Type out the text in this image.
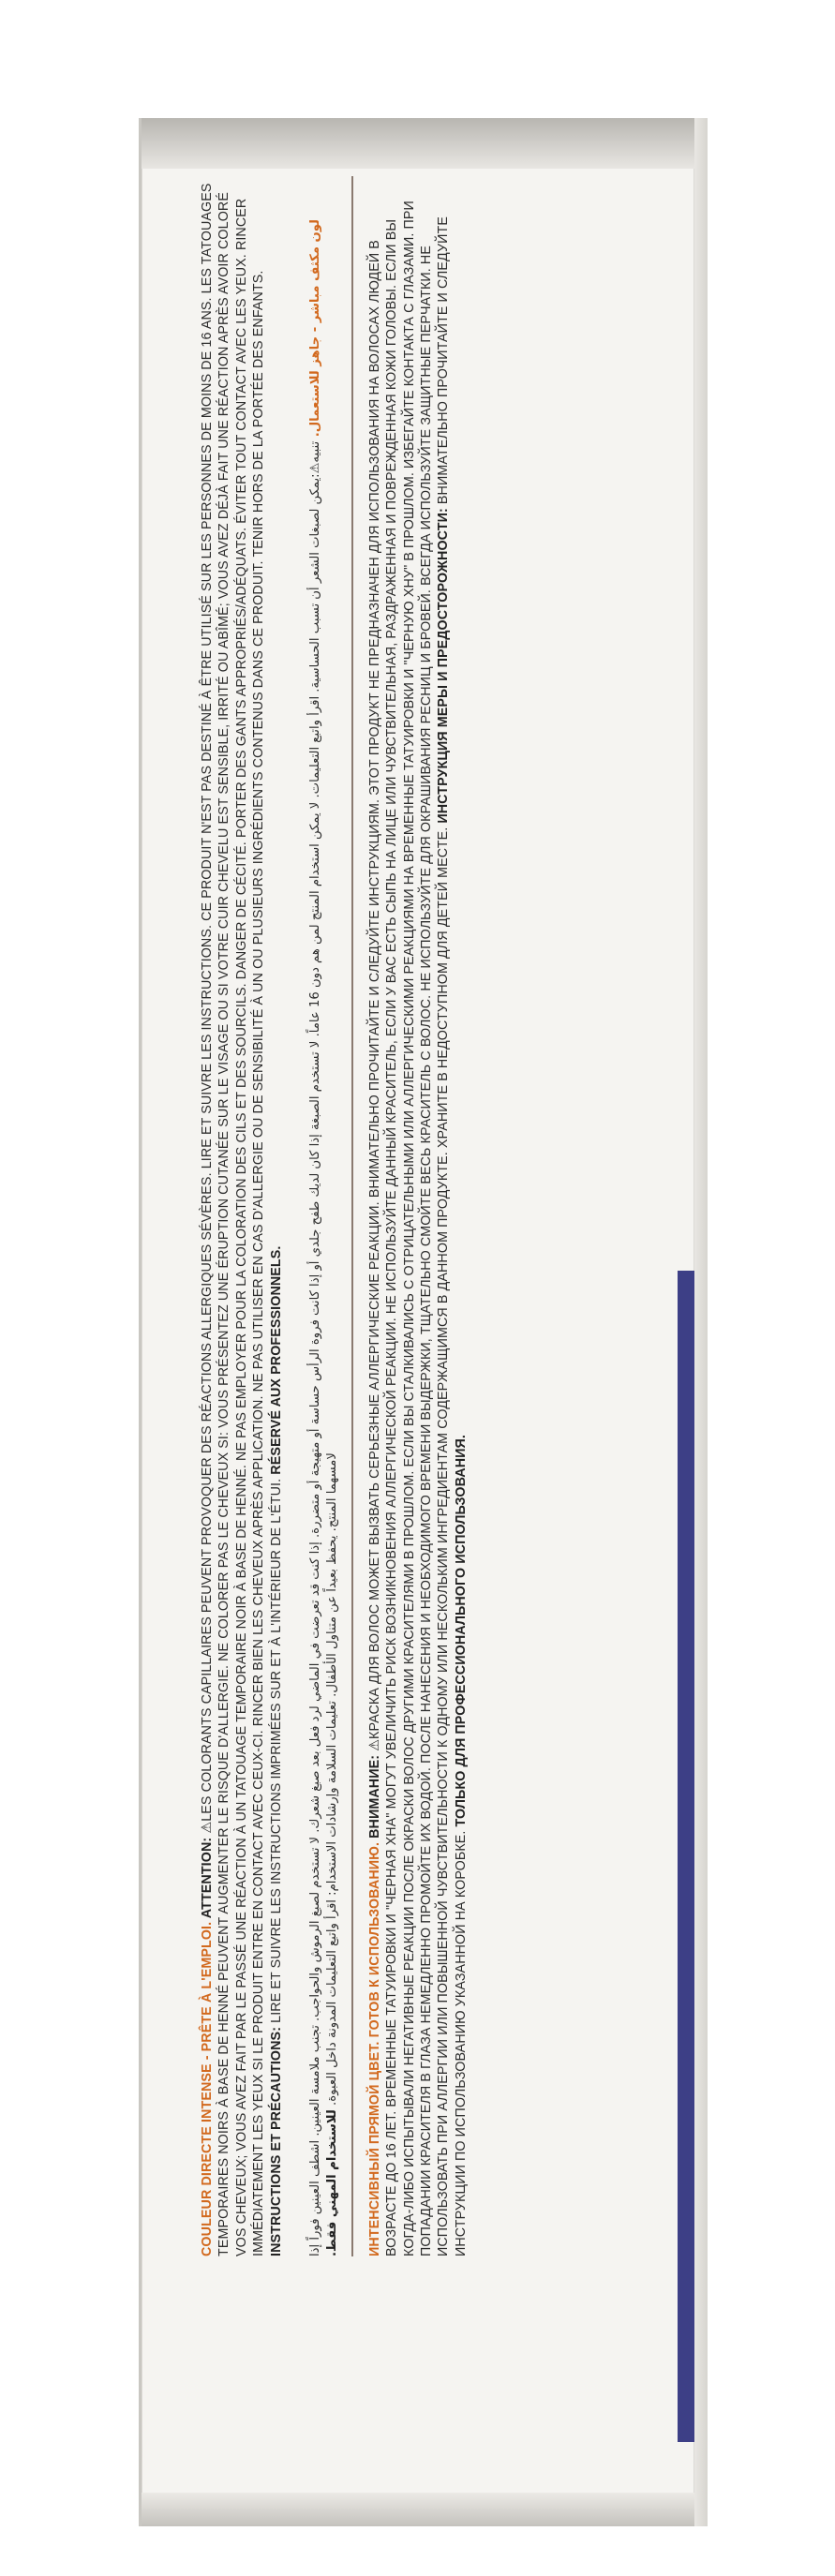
COULEUR DIRECTE INTENSE - PRÊTE À L'EMPLOI. ATTENTION: ⚠LES COLORANTS CAPILLAIRES PEUVENT PROVOQUER DES RÉACTIONS ALLERGIQUES SÉVÈRES. LIRE ET SUIVRE LES INSTRUCTIONS. CE PRODUIT N'EST PAS DESTINÉ À ÊTRE UTILISÉ SUR LES PERSONNES DE MOINS DE 16 ANS. LES TATOUAGES TEMPORAIRES NOIRS À BASE DE HENNÉ PEUVENT AUGMENTER LE RISQUE D'ALLERGIE. NE COLORER PAS LE CHEVEUX SI: VOUS PRÉSENTEZ UNE ÉRUPTION CUTANÉE SUR LE VISAGE OU SI VOTRE CUIR CHEVELU EST SENSIBLE, IRRITÉ OU ABÎMÉ; VOUS AVEZ DÉJÀ FAIT UNE RÉACTION APRÈS AVOIR COLORÉ VOS CHEVEUX; VOUS AVEZ FAIT PAR LE PASSÉ UNE RÉACTION À UN TATOUAGE TEMPORAIRE NOIR À BASE DE HENNÉ. NE PAS EMPLOYER POUR LA COLORATION DES CILS ET DES SOURCILS. DANGER DE CÉCITÉ. PORTER DES GANTS APPROPRIÉS/ADÉQUATS. ÉVITER TOUT CONTACT AVEC LES YEUX. RINCER IMMÉDIATEMENT LES YEUX SI LE PRODUIT ENTRE EN CONTACT AVEC CEUX-CI. RINCER BIEN LES CHEVEUX APRÈS APPLICATION. NE PAS UTILISER EN CAS D'ALLERGIE OU DE SENSIBILITÉ À UN OU PLUSIEURS INGRÉDIENTS CONTENUS DANS CE PRODUIT. TENIR HORS DE LA PORTÉE DES ENFANTS. INSTRUCTIONS ET PRÉCAUTIONS: LIRE ET SUIVRE LES INSTRUCTIONS IMPRIMÉES SUR ET À L'INTÉRIEUR DE L'ÉTUI. RÉSERVÉ AUX PROFESSIONNELS.
لون مكثف مباشر - جاهز للاستعمال. تنبيه⚠:يمكن لصبغات الشعر أن تسبب الحساسية. اقرأ واتبع التعليمات. لا يمكن استخدام المنتج لمن هم دون 16 عاماً. لا تستخدم الصبغة إذا كان لديك طفح جلدي أو إذا كانت فروة الرأس حساسة أو متهيجة أو متضررة. إذا كنت قد تعرضت في الماضي لرد فعل بعد صبغ شعرك. لا تستخدم لصبغ الرموش والحواجب. تجنب ملامسة العينين. اشطف العينين فوراً إذا لامسهما المنتج. يحفظ بعيداً عن متناول الأطفال. تعليمات السلامة وإرشادات الاستخدام: اقرأ واتبع التعليمات المدونة داخل العبوة. للاستخدام المهني فقط. ИНТЕНСИВНЫЙ ПРЯМОЙ ЦВЕТ. ГОТОВ К ИСПОЛЬЗОВАНИЮ. ВНИМАНИЕ: ⚠КРАСКА ДЛЯ ВОЛОС МОЖЕТ ВЫЗВАТЬ СЕРЬЕЗНЫЕ АЛЛЕРГИЧЕСКИЕ РЕАКЦИИ. ВНИМАТЕЛЬНО ПРОЧИТАЙТЕ И СЛЕДУЙТЕ ИНСТРУКЦИЯМ. ЭТОТ ПРОДУКТ НЕ ПРЕДНАЗНАЧЕН ДЛЯ ИСПОЛЬЗОВАНИЯ НА ВОЛОСАХ ЛЮДЕЙ В ВОЗРАСТЕ ДО 16 ЛЕТ. ВРЕМЕННЫЕ ТАТУИРОВКИ И "ЧЕРНАЯ ХНА" МОГУТ УВЕЛИЧИТЬ РИСК ВОЗНИКНОВЕНИЯ АЛЛЕРГИЧЕСКОЙ РЕАКЦИИ. НЕ ИСПОЛЬЗУЙТЕ ДАННЫЙ КРАСИТЕЛЬ, ЕСЛИ У ВАС ЕСТЬ СЫПЬ НА ЛИЦЕ ИЛИ ЧУВСТВИТЕЛЬНАЯ, РАЗДРАЖЕННАЯ И ПОВРЕЖДЕННАЯ КОЖИ ГОЛОВЫ. ЕСЛИ ВЫ КОГДА-ЛИБО ИСПЫТЫВАЛИ НЕГАТИВНЫЕ РЕАКЦИИ ПОСЛЕ ОКРАСКИ ВОЛОС ДРУГИМИ КРАСИТЕЛЯМИ В ПРОШЛОМ. ЕСЛИ ВЫ СТАЛКИВАЛИСЬ С ОТРИЦАТЕЛЬНЫМИ ИЛИ АЛЛЕРГИЧЕСКИМИ РЕАКЦИЯМИ НА ВРЕМЕННЫЕ ТАТУИРОВКИ И "ЧЕРНУЮ ХНУ" В ПРОШЛОМ. ИЗБЕГАЙТЕ КОНТАКТА С ГЛАЗАМИ. ПРИ ПОПАДАНИИ КРАСИТЕЛЯ В ГЛАЗА НЕМЕДЛЕННО ПРОМОЙТЕ ИХ ВОДОЙ. ПОСЛЕ НАНЕСЕНИЯ И НЕОБХОДИМОГО ВРЕМЕНИ ВЫДЕРЖКИ, ТЩАТЕЛЬНО СМОЙТЕ ВЕСЬ КРАСИТЕЛЬ С ВОЛОС. НЕ ИСПОЛЬЗУЙТЕ ДЛЯ ОКРАШИВАНИЯ РЕСНИЦ И БРОВЕЙ. ВСЕГДА ИСПОЛЬЗУЙТЕ ЗАЩИТНЫЕ ПЕРЧАТКИ. НЕ ИСПОЛЬЗОВАТЬ ПРИ АЛЛЕРГИИ ИЛИ ПОВЫШЕННОЙ ЧУВСТВИТЕЛЬНОСТИ К ОДНОМУ ИЛИ НЕСКОЛЬКИМ ИНГРЕДИЕНТАМ СОДЕРЖАЩИМСЯ В ДАННОМ ПРОДУКТЕ. ХРАНИТЕ В НЕДОСТУПНОМ ДЛЯ ДЕТЕЙ МЕСТЕ. ИНСТРУКЦИЯ МЕРЫ И ПРЕДОСТОРОЖНОСТИ: ВНИМАТЕЛЬНО ПРОЧИТАЙТЕ И СЛЕДУЙТЕ ИНСТРУКЦИИ ПО ИСПОЛЬЗОВАНИЮ УКАЗАННОЙ НА КОРОБКЕ. ТОЛЬКО ДЛЯ ПРОФЕССИОНАЛЬНОГО ИСПОЛЬЗОВАНИЯ.
